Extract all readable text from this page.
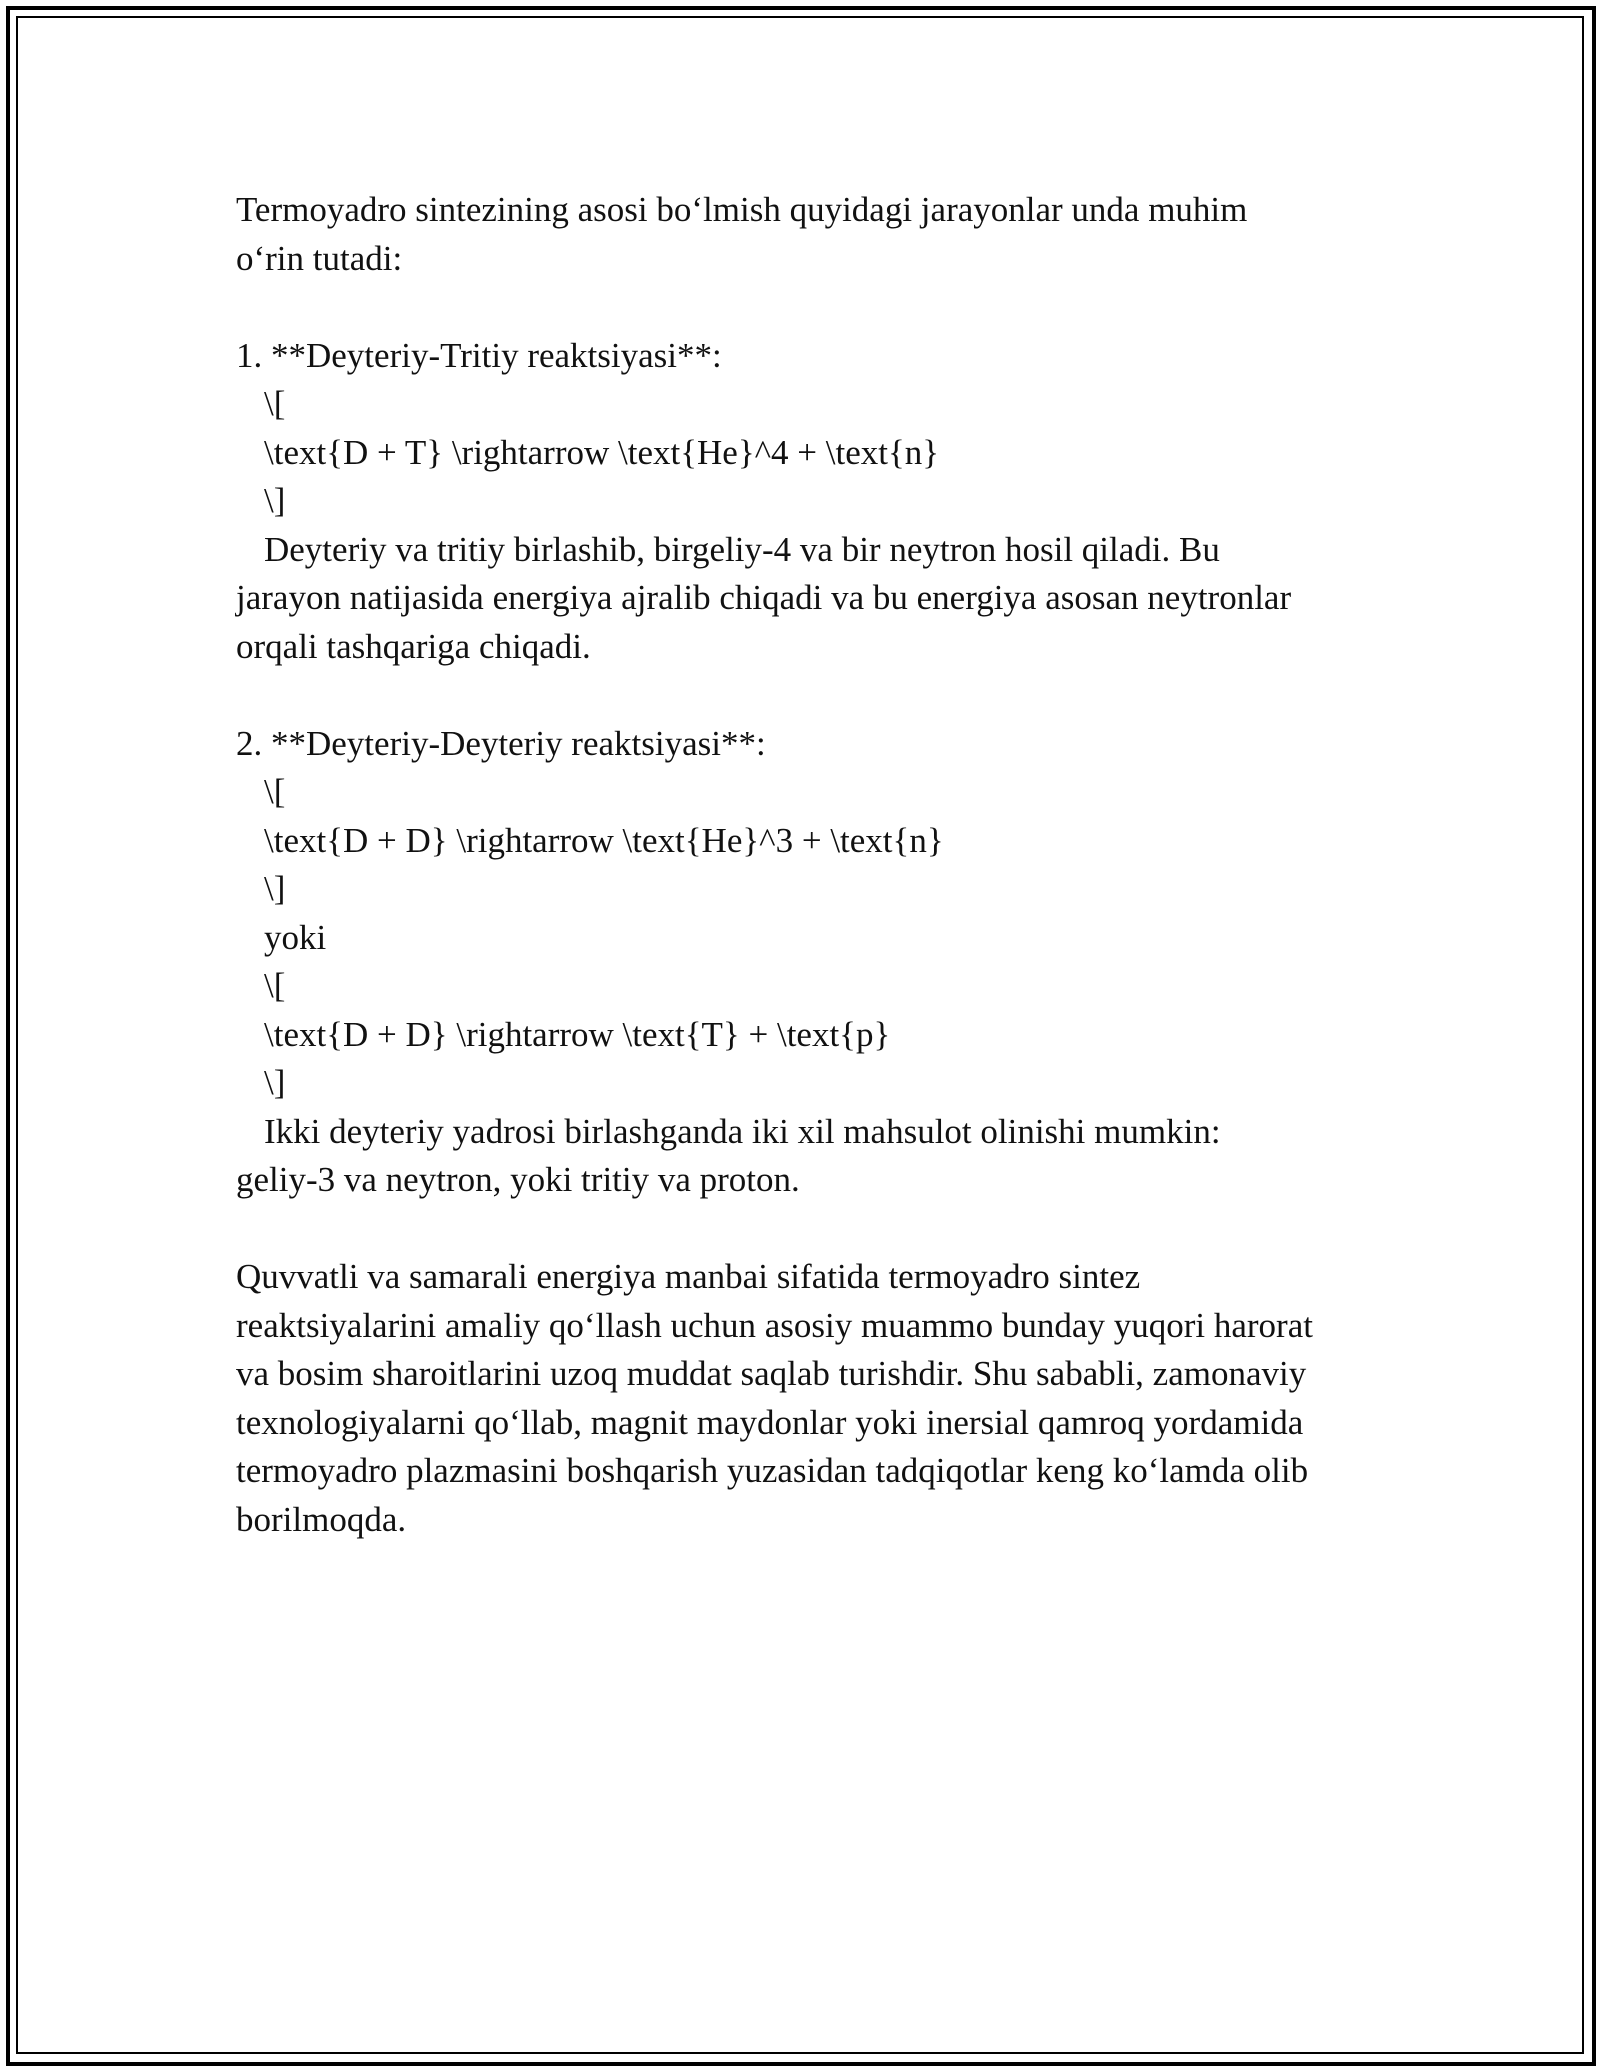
Termoyadro sintezining asosi bo‘lmish quyidagi jarayonlar unda muhim

o‘rin tutadi:

1. **Deyteriy-Tritiy reaktsiyasi**:

\[

\text{D + T} \rightarrow \text{He}^4 + \text{n}

\]

Deyteriy va tritiy birlashib, birgeliy-4 va bir neytron hosil qiladi. Bu

jarayon natijasida energiya ajralib chiqadi va bu energiya asosan neytronlar

orqali tashqariga chiqadi.

2. **Deyteriy-Deyteriy reaktsiyasi**:

\[

\text{D + D} \rightarrow \text{He}^3 + \text{n}

\]

yoki

\[

\text{D + D} \rightarrow \text{T} + \text{p}

\]

Ikki deyteriy yadrosi birlashganda iki xil mahsulot olinishi mumkin:

geliy-3 va neytron, yoki tritiy va proton.

Quvvatli va samarali energiya manbai sifatida termoyadro sintez

reaktsiyalarini amaliy qo‘llash uchun asosiy muammo bunday yuqori harorat

va bosim sharoitlarini uzoq muddat saqlab turishdir. Shu sababli, zamonaviy

texnologiyalarni qo‘llab, magnit maydonlar yoki inersial qamroq yordamida

termoyadro plazmasini boshqarish yuzasidan tadqiqotlar keng ko‘lamda olib

borilmoqda.
